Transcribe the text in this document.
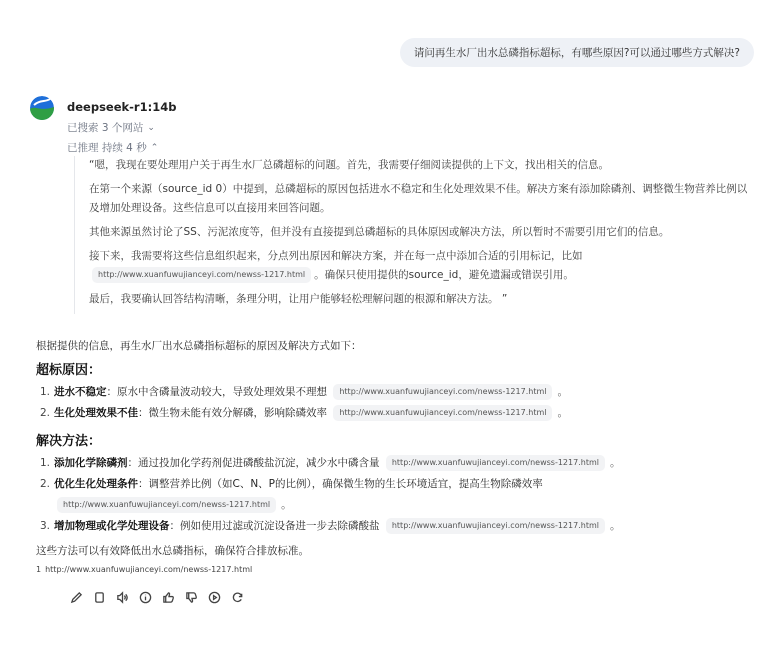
请问再生水厂出水总磷指标超标，有哪些原因?可以通过哪些方式解决?
deepseek-r1:14b
已搜索 3 个网站 ⌄
已推理 持续 4 秒 ⌃

“嗯，我现在要处理用户关于再生水厂总磷超标的问题。首先，我需要仔细阅读提供的上下文，找出相关的信息。

在第一个来源（source_id 0）中提到，总磷超标的原因包括进水不稳定和生化处理效果不佳。解决方案有添加除磷剂、调整微生物营养比例以及增加处理设备。这些信息可以直接用来回答问题。

其他来源虽然讨论了SS、污泥浓度等，但并没有直接提到总磷超标的具体原因或解决方法，所以暂时不需要引用它们的信息。

接下来，我需要将这些信息组织起来，分点列出原因和解决方案，并在每一点中添加合适的引用标记，比如
http://www.xuanfuwujianceyi.com/newss-1217.html 。确保只使用提供的source_id，避免遗漏或错误引用。

最后，我要确认回答结构清晰，条理分明，让用户能够轻松理解问题的根源和解决方法。 ”

根据提供的信息，再生水厂出水总磷指标超标的原因及解决方式如下：
超标原因：
1. 进水不稳定：原水中含磷量波动较大，导致处理效果不理想 http://www.xuanfuwujianceyi.com/newss-1217.html 。
2. 生化处理效果不佳：微生物未能有效分解磷，影响除磷效率 http://www.xuanfuwujianceyi.com/newss-1217.html 。
解决方法：
1. 添加化学除磷剂：通过投加化学药剂促进磷酸盐沉淀，减少水中磷含量 http://www.xuanfuwujianceyi.com/newss-1217.html 。
2. 优化生化处理条件：调整营养比例（如C、N、P的比例），确保微生物的生长环境适宜，提高生物除磷效率
http://www.xuanfuwujianceyi.com/newss-1217.html 。
3. 增加物理或化学处理设备：例如使用过滤或沉淀设备进一步去除磷酸盐 http://www.xuanfuwujianceyi.com/newss-1217.html 。
这些方法可以有效降低出水总磷指标，确保符合排放标准。
1 http://www.xuanfuwujianceyi.com/newss-1217.html
